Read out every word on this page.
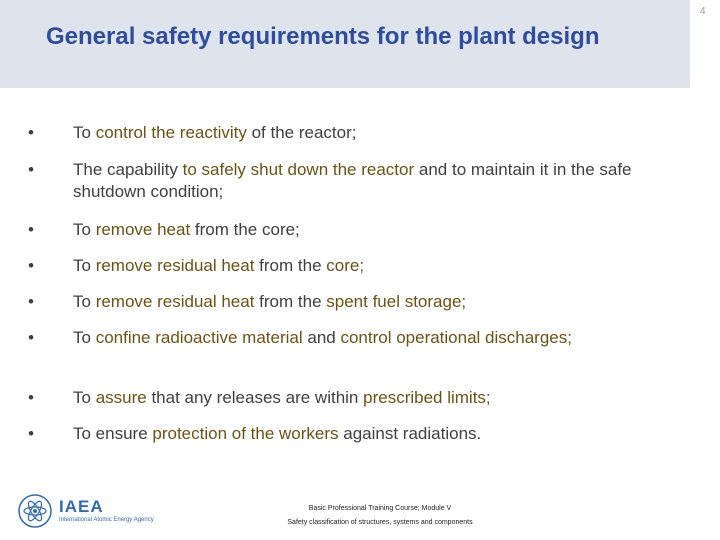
General safety requirements for the plant design
4
•	To control the reactivity of the reactor;
•	The capability to safely shut down the reactor and to maintain it in the safe shutdown condition;
•	To remove heat from the core;
•	To remove residual heat from the core;
•	To remove residual heat from the spent fuel storage;
•	To confine radioactive material and control operational discharges;
•	To assure that any releases are within prescribed limits;
•	To ensure protection of the workers against radiations.
IAEA
International Atomic Energy Agency
Basic Professional Training Course; Module V
Safety classification of structures, systems and components
